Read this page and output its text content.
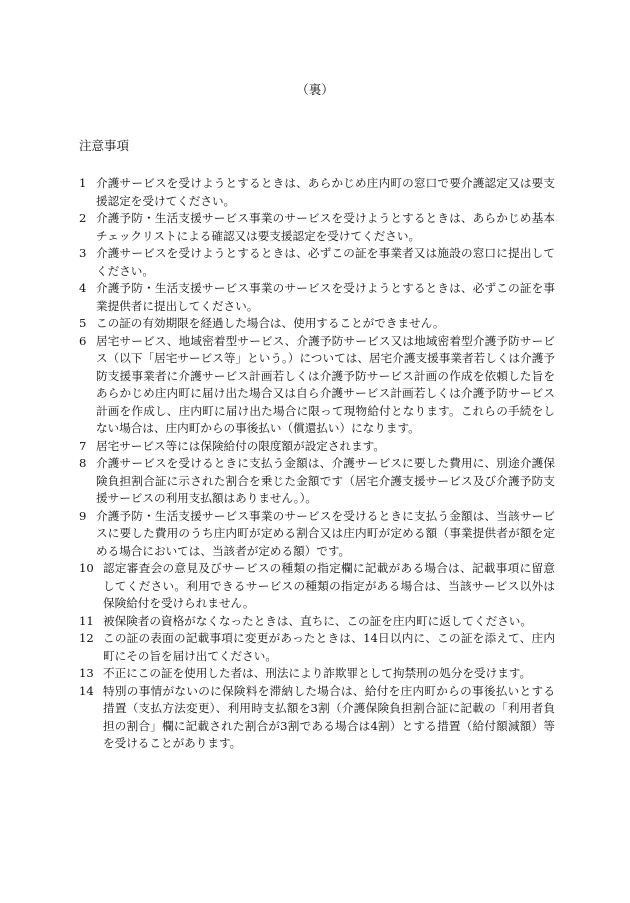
（裏）
注意事項
1 介護サービスを受けようとするときは、あらかじめ庄内町の窓口で要介護認定又は要支援認定を受けてください。
2 介護予防・生活支援サービス事業のサービスを受けようとするときは、あらかじめ基本チェックリストによる確認又は要支援認定を受けてください。
3 介護サービスを受けようとするときは、必ずこの証を事業者又は施設の窓口に提出してください。
4 介護予防・生活支援サービス事業のサービスを受けようとするときは、必ずこの証を事業提供者に提出してください。
5 この証の有効期限を経過した場合は、使用することができません。
6 居宅サービス、地域密着型サービス、介護予防サービス又は地域密着型介護予防サービス（以下「居宅サービス等」という。）については、居宅介護支援事業者若しくは介護予防支援事業者に介護サービス計画若しくは介護予防サービス計画の作成を依頼した旨をあらかじめ庄内町に届け出た場合又は自ら介護サービス計画若しくは介護予防サービス計画を作成し、庄内町に届け出た場合に限って現物給付となります。これらの手続をしない場合は、庄内町からの事後払い（償還払い）になります。
7 居宅サービス等には保険給付の限度額が設定されます。
8 介護サービスを受けるときに支払う金額は、介護サービスに要した費用に、別途介護保険負担割合証に示された割合を乗じた金額です（居宅介護支援サービス及び介護予防支援サービスの利用支払額はありません。）。
9 介護予防・生活支援サービス事業のサービスを受けるときに支払う金額は、当該サービスに要した費用のうち庄内町が定める割合又は庄内町が定める額（事業提供者が額を定める場合においては、当該者が定める額）です。
10 認定審査会の意見及びサービスの種類の指定欄に記載がある場合は、記載事項に留意してください。利用できるサービスの種類の指定がある場合は、当該サービス以外は保険給付を受けられません。
11 被保険者の資格がなくなったときは、直ちに、この証を庄内町に返してください。
12 この証の表面の記載事項に変更があったときは、14日以内に、この証を添えて、庄内町にその旨を届け出てください。
13 不正にこの証を使用した者は、刑法により詐欺罪として拘禁刑の処分を受けます。
14 特別の事情がないのに保険料を滞納した場合は、給付を庄内町からの事後払いとする措置（支払方法変更）、利用時支払額を3割（介護保険負担割合証に記載の「利用者負担の割合」欄に記載された割合が3割である場合は4割）とする措置（給付額減額）等を受けることがあります。
